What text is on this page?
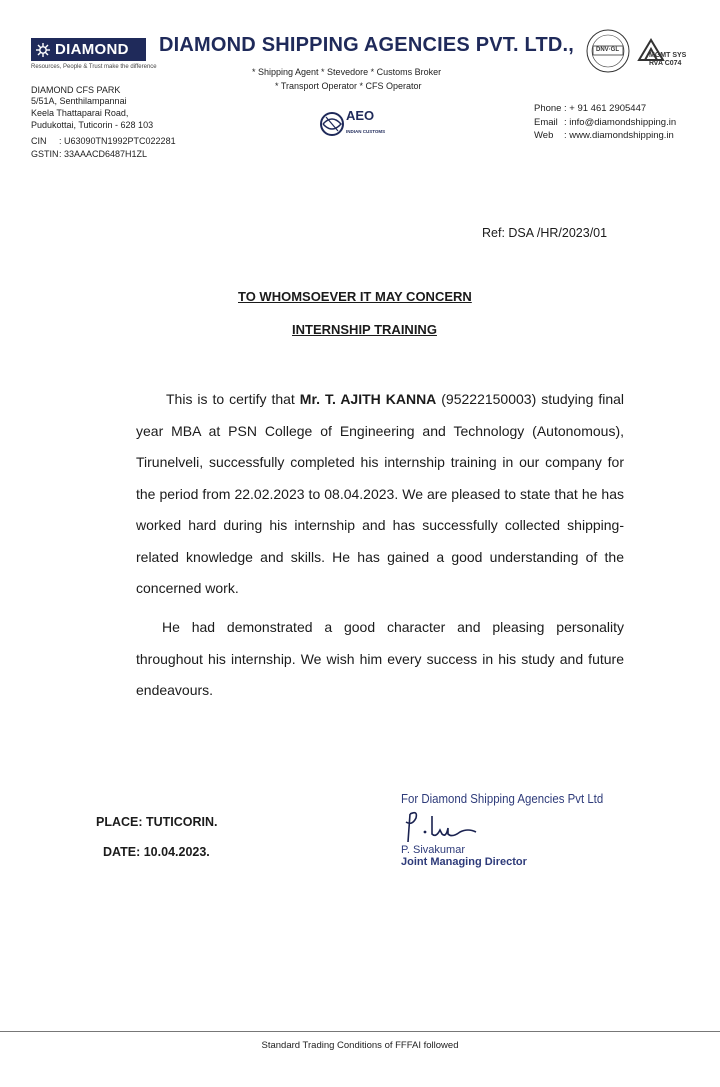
DIAMOND
Resources, People & Trust make the difference
DIAMOND SHIPPING AGENCIES PVT. LTD.,
* Shipping Agent * Stevedore * Customs Broker
* Transport Operator * CFS Operator
DIAMOND CFS PARK
5/51A, Senthilampannai
Keela Thattaparai Road,
Pudukottai, Tuticorin - 628 103
CIN : U63090TN1992PTC022281
GSTIN: 33AAACD6487H1ZL
AEO
INDIAN CUSTOMS
DNV·GL
MGMT SYS
RvA C074
Phone : + 91 461 2905447
Email : info@diamondshipping.in
Web : www.diamondshipping.in
Ref: DSA /HR/2023/01
TO WHOMSOEVER IT MAY CONCERN
INTERNSHIP TRAINING
This is to certify that Mr. T. AJITH KANNA (95222150003) studying final year MBA at PSN College of Engineering and Technology (Autonomous), Tirunelveli, successfully completed his internship training in our company for the period from 22.02.2023 to 08.04.2023. We are pleased to state that he has worked hard during his internship and has successfully collected shipping-related knowledge and skills. He has gained a good understanding of the concerned work.
He had demonstrated a good character and pleasing personality throughout his internship. We wish him every success in his study and future endeavours.
PLACE: TUTICORIN.
DATE: 10.04.2023.
For Diamond Shipping Agencies Pvt Ltd
P. Sivakumar
Joint Managing Director
Standard Trading Conditions of FFFAI followed
